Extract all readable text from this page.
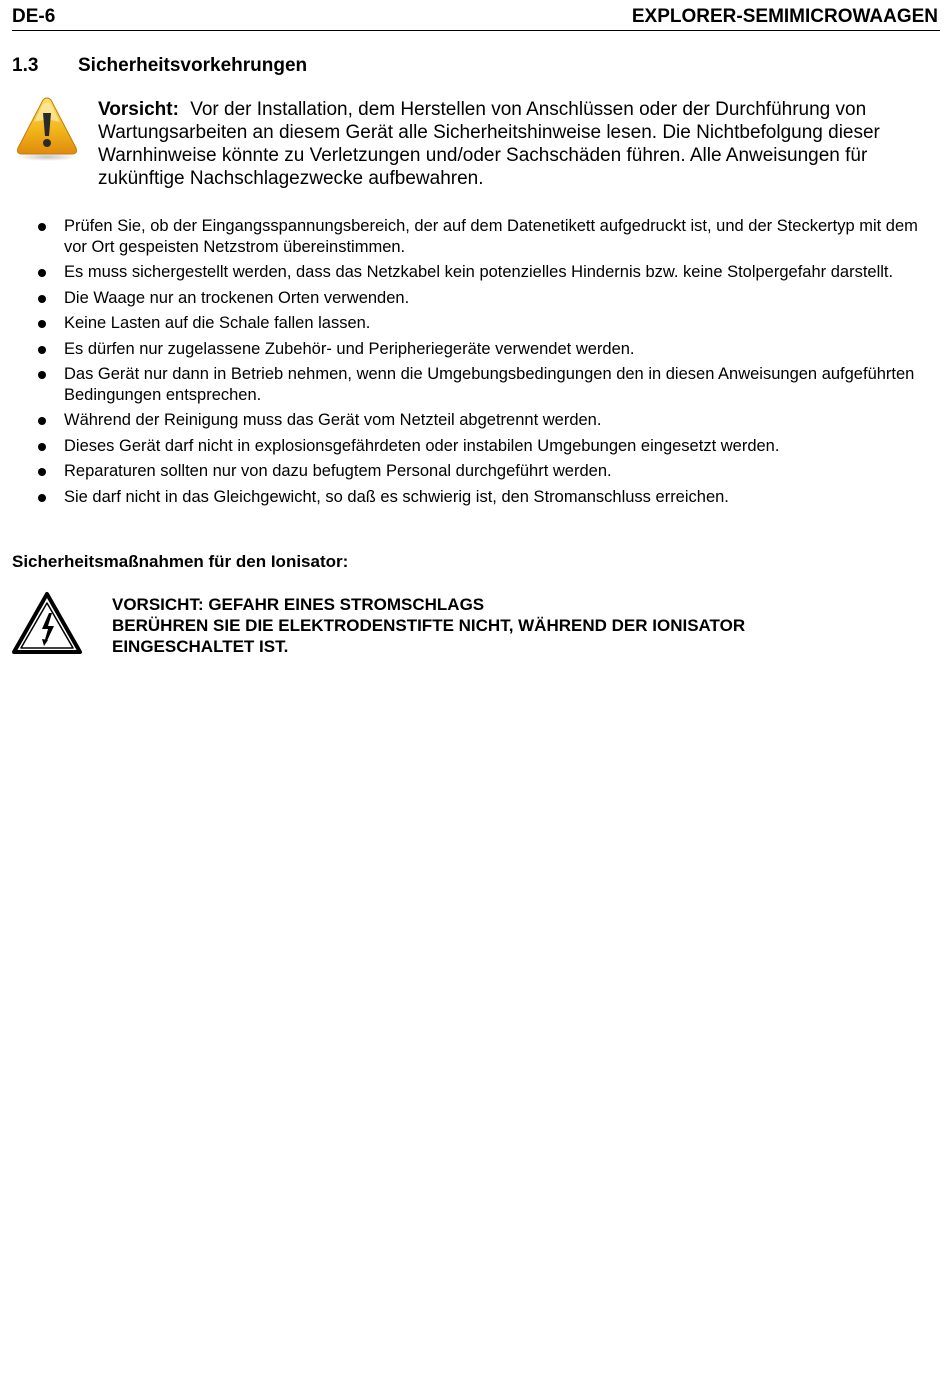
DE-6	EXPLORER-SEMIMICROWAAGEN
1.3 Sicherheitsvorkehrungen
Vorsicht: Vor der Installation, dem Herstellen von Anschlüssen oder der Durchführung von Wartungsarbeiten an diesem Gerät alle Sicherheitshinweise lesen. Die Nichtbefolgung dieser Warnhinweise könnte zu Verletzungen und/oder Sachschäden führen. Alle Anweisungen für zukünftige Nachschlagezwecke aufbewahren.
Prüfen Sie, ob der Eingangsspannungsbereich, der auf dem Datenetikett aufgedruckt ist, und der Steckertyp mit dem vor Ort gespeisten Netzstrom übereinstimmen.
Es muss sichergestellt werden, dass das Netzkabel kein potenzielles Hindernis bzw. keine Stolpergefahr darstellt.
Die Waage nur an trockenen Orten verwenden.
Keine Lasten auf die Schale fallen lassen.
Es dürfen nur zugelassene Zubehör- und Peripheriegeräte verwendet werden.
Das Gerät nur dann in Betrieb nehmen, wenn die Umgebungsbedingungen den in diesen Anweisungen aufgeführten Bedingungen entsprechen.
Während der Reinigung muss das Gerät vom Netzteil abgetrennt werden.
Dieses Gerät darf nicht in explosionsgefährdeten oder instabilen Umgebungen eingesetzt werden.
Reparaturen sollten nur von dazu befugtem Personal durchgeführt werden.
Sie darf nicht in das Gleichgewicht, so daß es schwierig ist, den Stromanschluss erreichen.
Sicherheitsmaßnahmen für den Ionisator:
VORSICHT: GEFAHR EINES STROMSCHLAGS
BERÜHREN SIE DIE ELEKTRODENSTIFTE NICHT, WÄHREND DER IONISATOR
EINGESCHALTET IST.
